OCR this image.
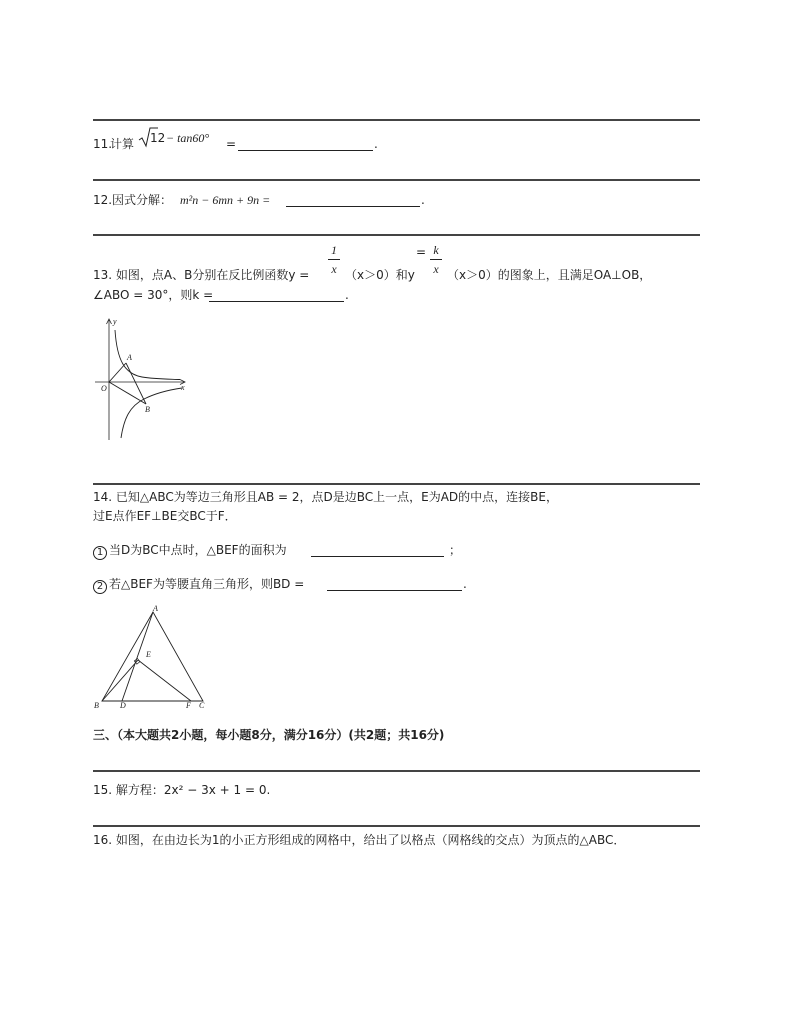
11.
计算 12 − tan60° =	.
12. 因式分解： m²n − 6mn + 9n =	.
13. 如图，点A、B分别在反比例函数y =
1
x （x＞0）和y
= k
x （x＞0）的图象上，且满足OA⊥OB，
∠ABO = 30°，则k =	.
y
x
O
A
B
14. 已知△ABC为等边三角形且AB = 2，点D是边BC上一点，E为AD的中点，连接BE，
过E点作EF⊥BE交BC于F．
1 当D为BC中点时，△BEF的面积为	；
2 若△BEF为等腰直角三角形，则BD =	.
A
E
B	D	F C
三、（本大题共2小题，每小题8分，满分16分）(共2题；共16分)
15. 解方程：2x² − 3x + 1 = 0.
16. 如图，在由边长为1的小正方形组成的网格中，给出了以格点（网格线的交点）为顶点的△ABC．
